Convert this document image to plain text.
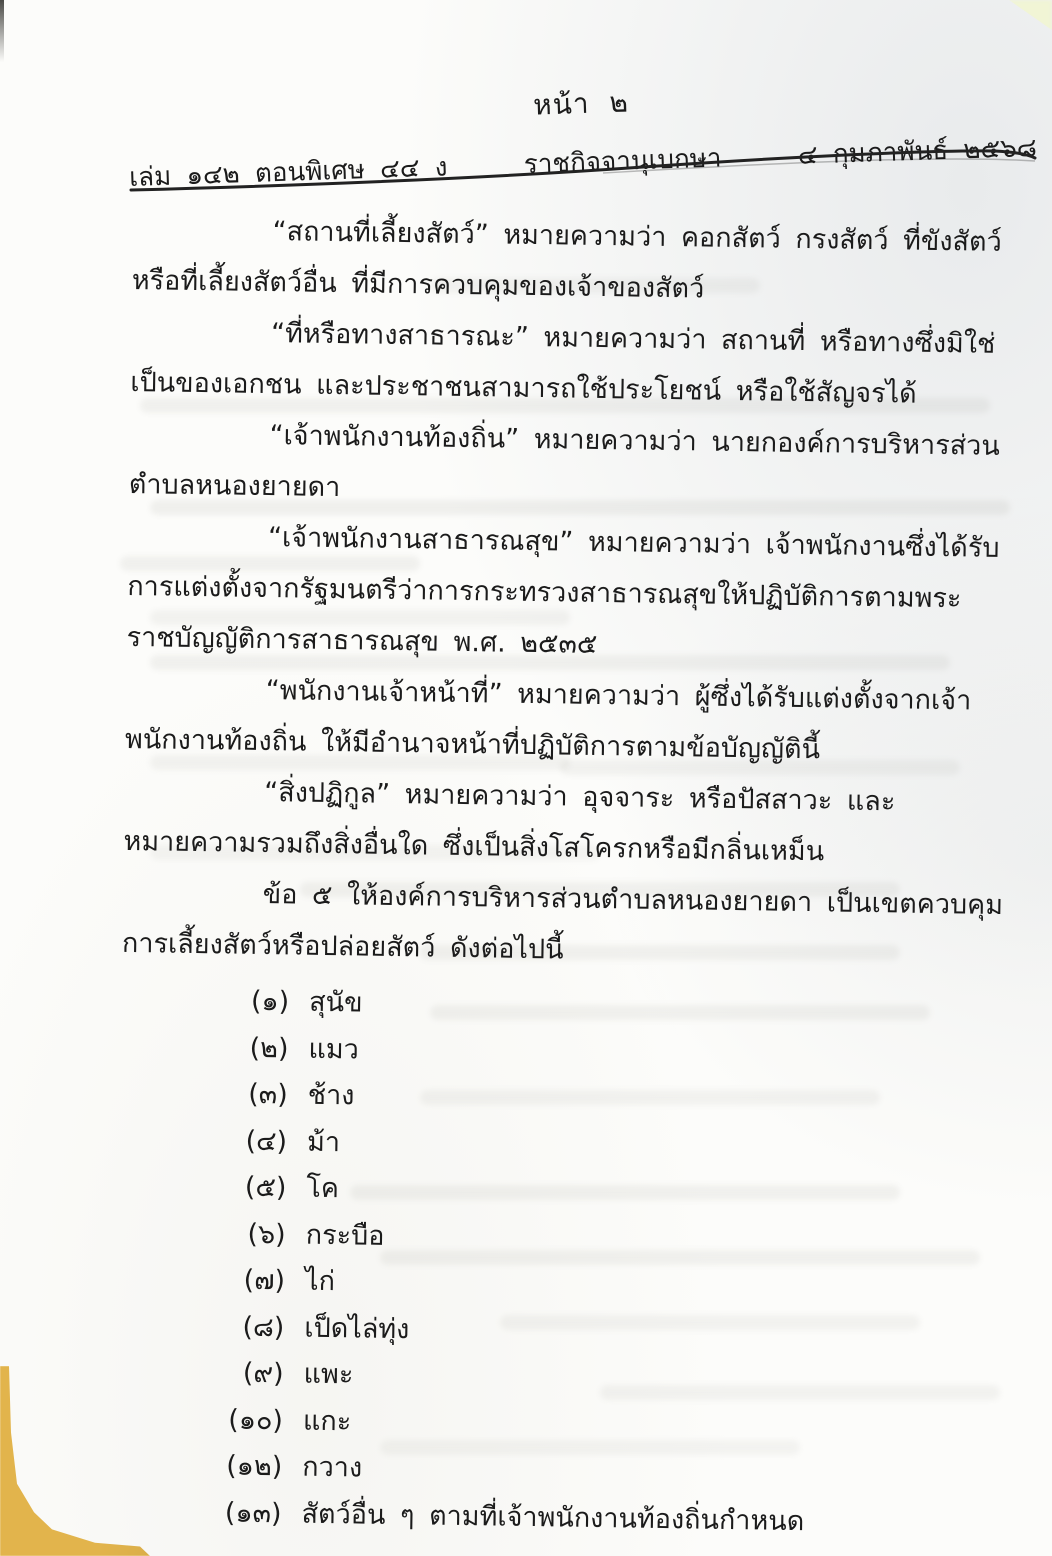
หน้า ๒
เล่ม ๑๔๒ ตอนพิเศษ ๔๔ ง	ราชกิจจานุเบกษา	๔ กุมภาพันธ์ ๒๕๖๘

“สถานที่เลี้ยงสัตว์” หมายความว่า คอกสัตว์ กรงสัตว์ ที่ขังสัตว์ หรือที่เลี้ยงสัตว์อื่น ที่มีการควบคุมของเจ้าของสัตว์

“ที่หรือทางสาธารณะ” หมายความว่า สถานที่ หรือทางซึ่งมิใช่เป็นของเอกชน และประชาชนสามารถใช้ประโยชน์ หรือใช้สัญจรได้

“เจ้าพนักงานท้องถิ่น” หมายความว่า นายกองค์การบริหารส่วนตำบลหนองยายดา

“เจ้าพนักงานสาธารณสุข” หมายความว่า เจ้าพนักงานซึ่งได้รับการแต่งตั้งจากรัฐมนตรีว่าการกระทรวงสาธารณสุขให้ปฏิบัติการตามพระราชบัญญัติการสาธารณสุข พ.ศ. ๒๕๓๕

“พนักงานเจ้าหน้าที่” หมายความว่า ผู้ซึ่งได้รับแต่งตั้งจากเจ้าพนักงานท้องถิ่น ให้มีอำนาจหน้าที่ปฏิบัติการตามข้อบัญญัตินี้

“สิ่งปฏิกูล” หมายความว่า อุจจาระ หรือปัสสาวะ และหมายความรวมถึงสิ่งอื่นใด ซึ่งเป็นสิ่งโสโครกหรือมีกลิ่นเหม็น

ข้อ ๕ ให้องค์การบริหารส่วนตำบลหนองยายดา เป็นเขตควบคุมการเลี้ยงสัตว์หรือปล่อยสัตว์ ดังต่อไปนี้

(๑) สุนัข
(๒) แมว
(๓) ช้าง
(๔) ม้า
(๕) โค
(๖) กระบือ
(๗) ไก่
(๘) เป็ดไล่ทุ่ง
(๙) แพะ
(๑๐) แกะ
(๑๒) กวาง
(๑๓) สัตว์อื่น ๆ ตามที่เจ้าพนักงานท้องถิ่นกำหนด
